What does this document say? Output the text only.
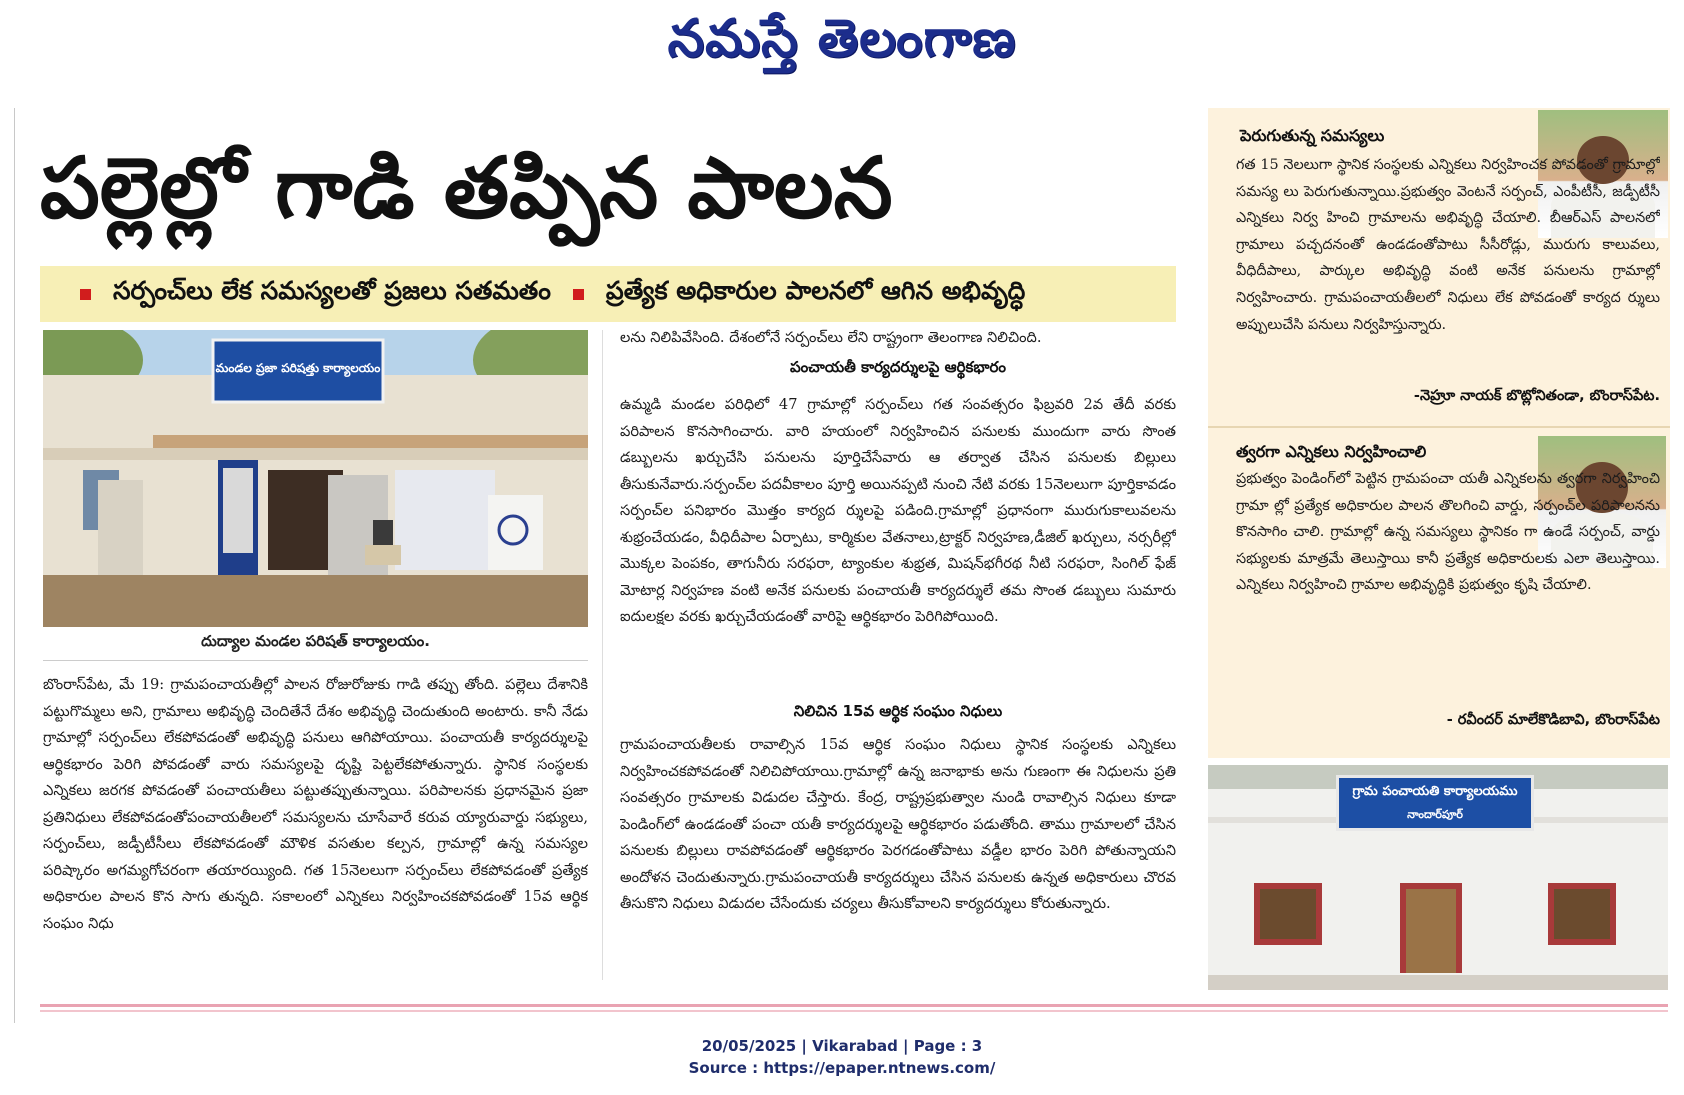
నమస్తే తెలంగాణ
పల్లెల్లో గాడి తప్పిన పాలన
సర్పంచ్‌లు లేక సమస్యలతో ప్రజలు సతమతం ప్రత్యేక అధికారుల పాలనలో ఆగిన అభివృద్ధి
మండల ప్రజా పరిషత్తు కార్యాలయం
దుద్యాల మండల పరిషత్ కార్యాలయం.

బొంరాస్‌పేట, మే 19: గ్రామపంచాయతీల్లో పాలన రోజురోజుకు గాడి తప్పు తోంది. పల్లెలు దేశానికి పట్టుగొమ్మలు అని, గ్రామాలు అభివృద్ధి చెందితేనే దేశం అభివృద్ధి చెందుతుంది అంటారు. కానీ నేడు గ్రామాల్లో సర్పంచ్‌లు లేకపోవడంతో అభివృద్ధి పనులు ఆగిపోయాయి. పంచాయతీ కార్యదర్శులపై ఆర్థికభారం పెరిగి పోవడంతో వారు సమస్యలపై దృష్టి పెట్టలేకపోతున్నారు. స్థానిక సంస్థలకు ఎన్నికలు జరగక పోవడంతో పంచాయతీలు పట్టుతప్పుతున్నాయి. పరిపాలనకు ప్రధానమైన ప్రజా ప్రతినిధులు లేకపోవడంతోపంచాయతీలలో సమస్యలను చూసేవారే కరువ య్యారువార్డు సభ్యులు, సర్పంచ్‌లు, జడ్పీటీసీలు లేకపోవడంతో మౌళిక వసతుల కల్పన, గ్రామాల్లో ఉన్న సమస్యల పరిష్కారం అగమ్యగోచరంగా తయారయ్యింది. గత 15నెలలుగా సర్పంచ్‌లు లేకపోవడంతో ప్రత్యేక అధికారుల పాలన కొన సాగు తున్నది. సకాలంలో ఎన్నికలు నిర్వహించకపోవడంతో 15వ ఆర్థిక సంఘం నిధు

లను నిలిపివేసింది. దేశంలోనే సర్పంచ్‌లు లేని రాష్ట్రంగా తెలంగాణ నిలిచింది.

పంచాయతీ కార్యదర్శులపై ఆర్థికభారం

ఉమ్మడి మండల పరిధిలో 47 గ్రామాల్లో సర్పంచ్‌లు గత సంవత్సరం ఫిబ్రవరి 2వ తేదీ వరకు పరిపాలన కొనసాగించారు. వారి హయంలో నిర్వహించిన పనులకు ముందుగా వారు సొంత డబ్బులను ఖర్చుచేసి పనులను పూర్తిచేసేవారు ఆ తర్వాత చేసిన పనులకు బిల్లులు తీసుకునేవారు.సర్పంచ్‌ల పదవీకాలం పూర్తి అయినప్పటి నుంచి నేటి వరకు 15నెలలుగా పూర్తికావడం సర్పంచ్‌ల పనిభారం మొత్తం కార్యద ర్శులపై పడింది.గ్రామాల్లో ప్రధానంగా మురుగుకాలువలను శుభ్రంచేయడం, వీధిదీపాల ఏర్పాటు, కార్మికుల వేతనాలు,ట్రాక్టర్ నిర్వహణ,డీజిల్ ఖర్చులు, నర్సరీల్లో మొక్కల పెంపకం, తాగునీరు సరఫరా, ట్యాంకుల శుభ్రత, మిషన్‌భగీరథ నీటి సరఫరా, సింగిల్ ఫేజ్ మోటార్ల నిర్వహణ వంటి అనేక పనులకు పంచాయతీ కార్యదర్శులే తమ సొంత డబ్బులు సుమారు ఐదులక్షల వరకు ఖర్చుచేయడంతో వారిపై ఆర్థికభారం పెరిగిపోయింది.

నిలిచిన 15వ ఆర్థిక సంఘం నిధులు

గ్రామపంచాయతీలకు రావాల్సిన 15వ ఆర్థిక సంఘం నిధులు స్థానిక సంస్థలకు ఎన్నికలు నిర్వహించకపోవడంతో నిలిచిపోయాయి.గ్రామాల్లో ఉన్న జనాభాకు అను గుణంగా ఈ నిధులను ప్రతి సంవత్సరం గ్రామాలకు విడుదల చేస్తారు. కేంద్ర, రాష్ట్రప్రభుత్వాల నుండి రావాల్సిన నిధులు కూడా పెండింగ్‌లో ఉండడంతో పంచా యతీ కార్యదర్శులపై ఆర్థికభారం పడుతోంది. తాము గ్రామాలలో చేసిన పనులకు బిల్లులు రావపోవడంతో ఆర్థికభారం పెరగడంతోపాటు వడ్డీల భారం పెరిగి పోతున్నాయని అందోళన చెందుతున్నారు.గ్రామపంచాయతీ కార్యదర్శులు చేసిన పనులకు ఉన్నత అధికారులు చొరవ తీసుకొని నిధులు విడుదల చేసేందుకు చర్యలు తీసుకోవాలని కార్యదర్శులు కోరుతున్నారు.

పెరుగుతున్న సమస్యలు
గత 15 నెలలుగా స్థానిక సంస్థలకు ఎన్నికలు నిర్వహించక పోవడంతో గ్రామాల్లో సమస్య లు పెరుగుతున్నాయి.ప్రభుత్వం వెంటనే సర్పంచ్, ఎంపీటీసీ, జడ్పీటీసీ ఎన్నికలు నిర్వ హించి గ్రామాలను అభివృద్ధి చేయాలి. బీఆర్ఎస్ పాలనలో గ్రామాలు పచ్చదనంతో ఉండడంతోపాటు సీసీరోడ్లు, మురుగు కాలువలు, వీధిదీపాలు, పార్కుల అభివృద్ధి వంటి అనేక పనులను గ్రామాల్లో నిర్వహించారు. గ్రామపంచాయతీలలో నిధులు లేక పోవడంతో కార్యద ర్శులు అప్పులుచేసి పనులు నిర్వహిస్తున్నారు.
-నెహ్రూ నాయక్ బొట్లోనితండా, బొంరాస్‌పేట.
త్వరగా ఎన్నికలు నిర్వహించాలి
ప్రభుత్వం పెండింగ్‌లో పెట్టిన గ్రామపంచా యతీ ఎన్నికలను త్వరగా నిర్వహించి గ్రామా ల్లో ప్రత్యేక అధికారుల పాలన తొలగించి వార్డు, సర్పంచ్‌ల పరిపాలనను కొనసాగిం చాలి. గ్రామాల్లో ఉన్న సమస్యలు స్థానికం గా ఉండే సర్పంచ్, వార్డు సభ్యులకు మాత్రమే తెలుస్తాయి కానీ ప్రత్యేక అధికారులకు ఎలా తెలుస్తాయి. ఎన్నికలు నిర్వహించి గ్రామాల అభివృద్ధికి ప్రభుత్వం కృషి చేయాలి.
- రవీందర్ మాలేకొడిబావి, బొంరాస్‌పేట
గ్రామ పంచాయతి కార్యాలయము
నాందార్‌పూర్
20/05/2025 | Vikarabad | Page : 3
Source : https://epaper.ntnews.com/
